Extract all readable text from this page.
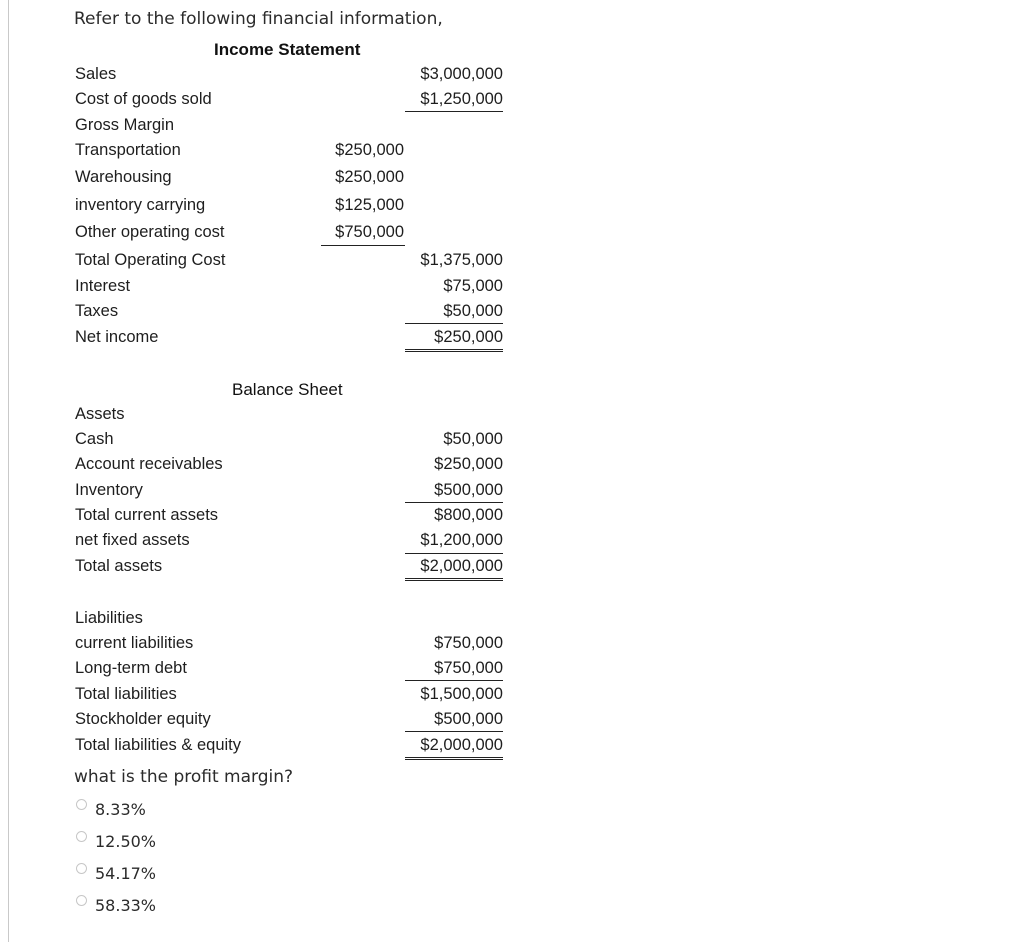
Refer to the following financial information,
Income Statement
Sales	$3,000,000
Cost of goods sold	$1,250,000
Gross Margin
Transportation	$250,000
Warehousing	$250,000
inventory carrying	$125,000
Other operating cost	$750,000
Total Operating Cost	$1,375,000
Interest	$75,000
Taxes	$50,000
Net income	$250,000
Balance Sheet
Assets
Cash	$50,000
Account receivables	$250,000
Inventory	$500,000
Total current assets	$800,000
net fixed assets	$1,200,000
Total assets	$2,000,000
Liabilities
current liabilities	$750,000
Long-term debt	$750,000
Total liabilities	$1,500,000
Stockholder equity	$500,000
Total liabilities & equity	$2,000,000
what is the profit margin?
8.33%
12.50%
54.17%
58.33%
